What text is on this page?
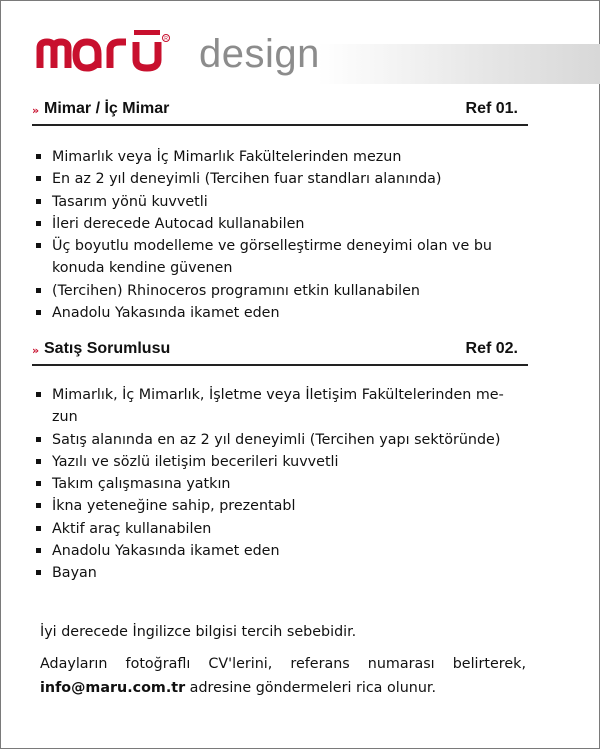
R design
» Mimar / İç Mimar	Ref 01.
Mimarlık veya İç Mimarlık Fakültelerinden mezun
En az 2 yıl deneyimli (Tercihen fuar standları alanında)
Tasarım yönü kuvvetli
İleri derecede Autocad kullanabilen
Üç boyutlu modelleme ve görselleştirme deneyimi olan ve bu konuda kendine güvenen
(Tercihen) Rhinoceros programını etkin kullanabilen
Anadolu Yakasında ikamet eden
» Satış Sorumlusu	Ref 02.
Mimarlık, İç Mimarlık, İşletme veya İletişim Fakültelerinden me- zun
Satış alanında en az 2 yıl deneyimli (Tercihen yapı sektöründe)
Yazılı ve sözlü iletişim becerileri kuvvetli
Takım çalışmasına yatkın
İkna yeteneğine sahip, prezentabl
Aktif araç kullanabilen
Anadolu Yakasında ikamet eden
Bayan
İyi derecede İngilizce bilgisi tercih sebebidir.
Adayların fotoğraflı CV'lerini, referans numarası belirterek, info@maru.com.tr adresine göndermeleri rica olunur.
